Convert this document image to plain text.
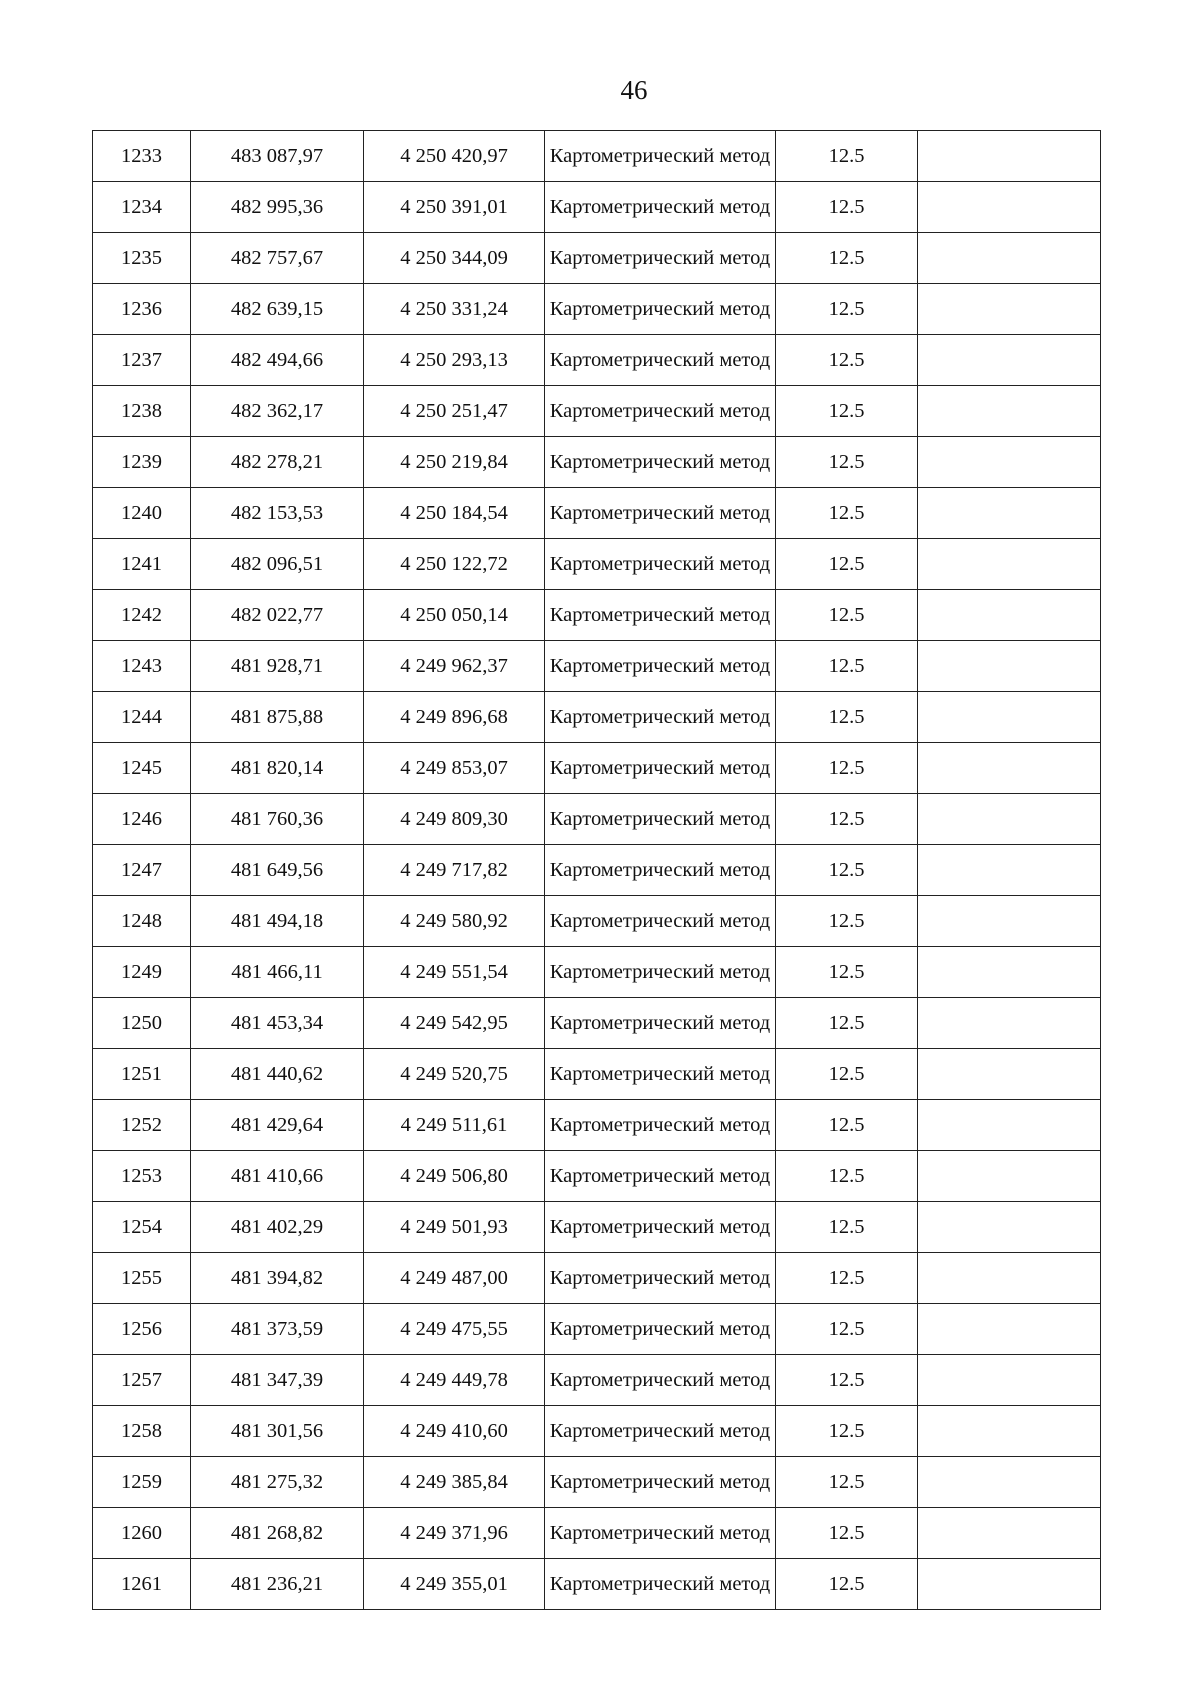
46
1233	483 087,97	4 250 420,97	Картометрический метод	12.5	
1234	482 995,36	4 250 391,01	Картометрический метод	12.5	
1235	482 757,67	4 250 344,09	Картометрический метод	12.5	
1236	482 639,15	4 250 331,24	Картометрический метод	12.5	
1237	482 494,66	4 250 293,13	Картометрический метод	12.5	
1238	482 362,17	4 250 251,47	Картометрический метод	12.5	
1239	482 278,21	4 250 219,84	Картометрический метод	12.5	
1240	482 153,53	4 250 184,54	Картометрический метод	12.5	
1241	482 096,51	4 250 122,72	Картометрический метод	12.5	
1242	482 022,77	4 250 050,14	Картометрический метод	12.5	
1243	481 928,71	4 249 962,37	Картометрический метод	12.5	
1244	481 875,88	4 249 896,68	Картометрический метод	12.5	
1245	481 820,14	4 249 853,07	Картометрический метод	12.5	
1246	481 760,36	4 249 809,30	Картометрический метод	12.5	
1247	481 649,56	4 249 717,82	Картометрический метод	12.5	
1248	481 494,18	4 249 580,92	Картометрический метод	12.5	
1249	481 466,11	4 249 551,54	Картометрический метод	12.5	
1250	481 453,34	4 249 542,95	Картометрический метод	12.5	
1251	481 440,62	4 249 520,75	Картометрический метод	12.5	
1252	481 429,64	4 249 511,61	Картометрический метод	12.5	
1253	481 410,66	4 249 506,80	Картометрический метод	12.5	
1254	481 402,29	4 249 501,93	Картометрический метод	12.5	
1255	481 394,82	4 249 487,00	Картометрический метод	12.5	
1256	481 373,59	4 249 475,55	Картометрический метод	12.5	
1257	481 347,39	4 249 449,78	Картометрический метод	12.5	
1258	481 301,56	4 249 410,60	Картометрический метод	12.5	
1259	481 275,32	4 249 385,84	Картометрический метод	12.5	
1260	481 268,82	4 249 371,96	Картометрический метод	12.5	
1261	481 236,21	4 249 355,01	Картометрический метод	12.5	
